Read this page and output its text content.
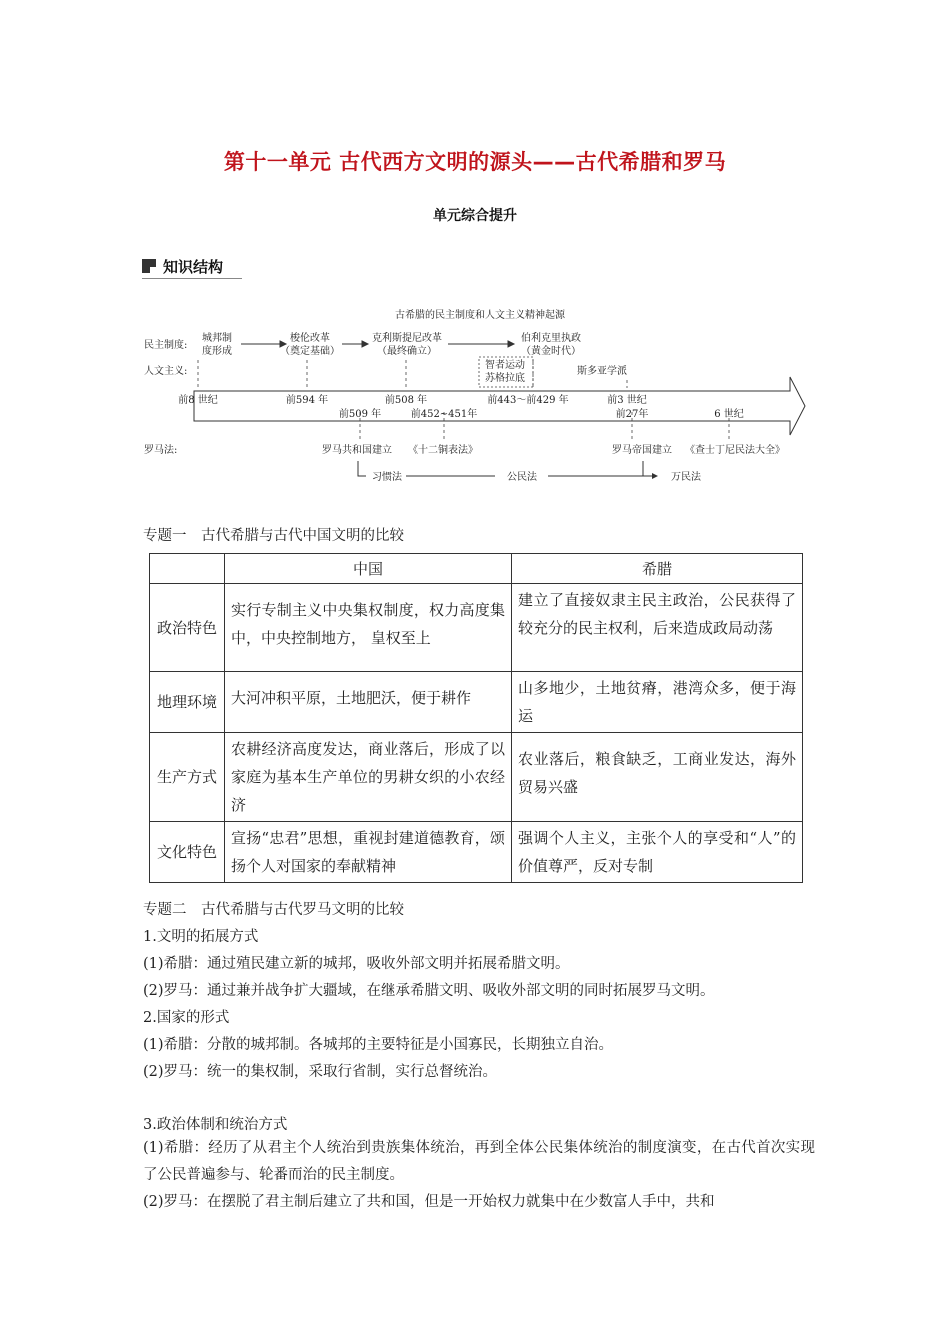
第十一单元 古代西方文明的源头——古代希腊和罗马
单元综合提升
知识结构
古希腊的民主制度和人文主义精神起源
民主制度:
人文主义:
罗马法:
城邦制
度形成
梭伦改革
（奠定基础）
克利斯提尼改革
（最终确立）
伯利克里执政
（黄金时代）
智者运动
苏格拉底
斯多亚学派
前8 世纪	前594 年	前508 年	前443～前429 年	前3 世纪
前509 年	前452~451年	前27年	6 世纪
罗马共和国建立 《十二铜表法》	罗马帝国建立 《查士丁尼民法大全》
习惯法	公民法	万民法
专题一　古代希腊与古代中国文明的比较
	中国	希腊
政治特色	实行专制主义中央集权制度，权力高度集中，中央控制地方， 皇权至上	建立了直接奴隶主民主政治，公民获得了较充分的民主权利，后来造成政局动荡
地理环境	大河冲积平原，土地肥沃，便于耕作	山多地少，土地贫瘠，港湾众多，便于海运
生产方式	农耕经济高度发达，商业落后，形成了以家庭为基本生产单位的男耕女织的小农经济	农业落后，粮食缺乏，工商业发达，海外贸易兴盛
文化特色	宣扬“忠君”思想，重视封建道德教育，颂扬个人对国家的奉献精神	强调个人主义，主张个人的享受和“人”的价值尊严，反对专制
专题二　古代希腊与古代罗马文明的比较
1.文明的拓展方式
(1)希腊：通过殖民建立新的城邦，吸收外部文明并拓展希腊文明。
(2)罗马：通过兼并战争扩大疆域，在继承希腊文明、吸收外部文明的同时拓展罗马文明。
2.国家的形式
(1)希腊：分散的城邦制。各城邦的主要特征是小国寡民，长期独立自治。
(2)罗马：统一的集权制，采取行省制，实行总督统治。
3.政治体制和统治方式
(1)希腊：经历了从君主个人统治到贵族集体统治，再到全体公民集体统治的制度演变，在古代首次实现了公民普遍参与、轮番而治的民主制度。
(2)罗马：在摆脱了君主制后建立了共和国，但是一开始权力就集中在少数富人手中，共和
